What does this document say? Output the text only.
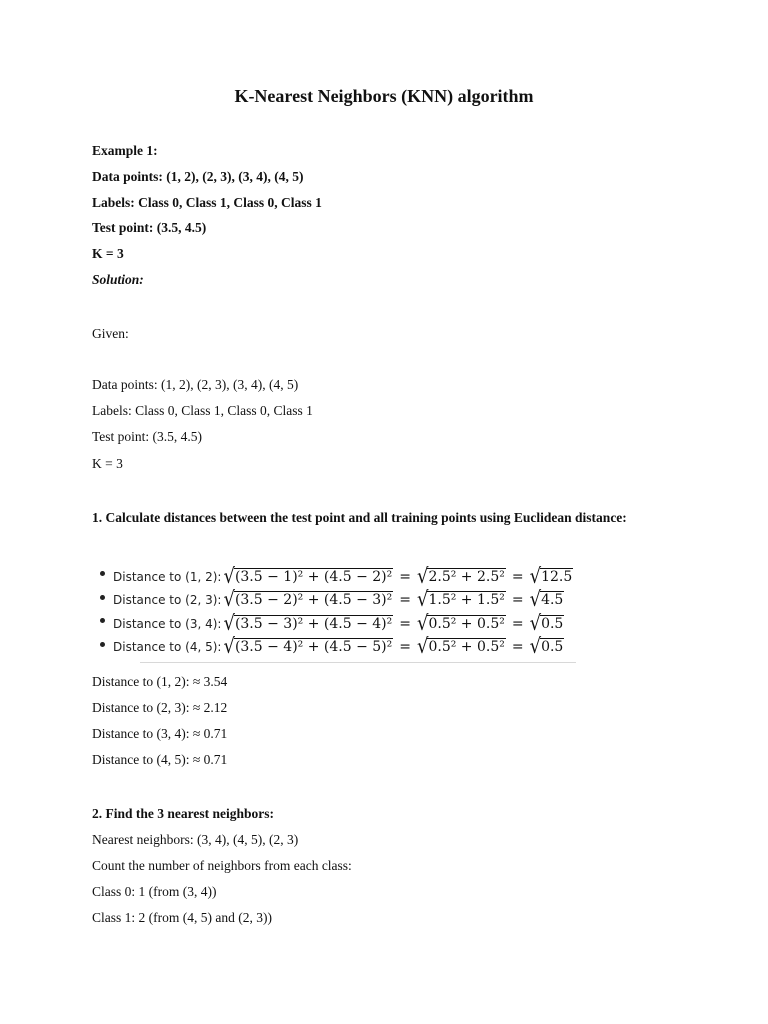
K-Nearest Neighbors (KNN) algorithm
Example 1:
Data points: (1, 2), (2, 3), (3, 4), (4, 5)
Labels: Class 0, Class 1, Class 0, Class 1
Test point: (3.5, 4.5)
K = 3
Solution:
Given:
Data points: (1, 2), (2, 3), (3, 4), (4, 5)
Labels: Class 0, Class 1, Class 0, Class 1
Test point: (3.5, 4.5)
K = 3
1. Calculate distances between the test point and all training points using Euclidean distance:
Distance to (1, 2): √ (3.5 − 1)² + (4.5 − 2)² = √ 2.5² + 2.5² = √ 12.5
Distance to (2, 3): √ (3.5 − 2)² + (4.5 − 3)² = √ 1.5² + 1.5² = √ 4.5
Distance to (3, 4): √ (3.5 − 3)² + (4.5 − 4)² = √ 0.5² + 0.5² = √ 0.5
Distance to (4, 5): √ (3.5 − 4)² + (4.5 − 5)² = √ 0.5² + 0.5² = √ 0.5
Distance to (1, 2): ≈ 3.54
Distance to (2, 3): ≈ 2.12
Distance to (3, 4): ≈ 0.71
Distance to (4, 5): ≈ 0.71
2. Find the 3 nearest neighbors:
Nearest neighbors: (3, 4), (4, 5), (2, 3)
Count the number of neighbors from each class:
Class 0: 1 (from (3, 4))
Class 1: 2 (from (4, 5) and (2, 3))
